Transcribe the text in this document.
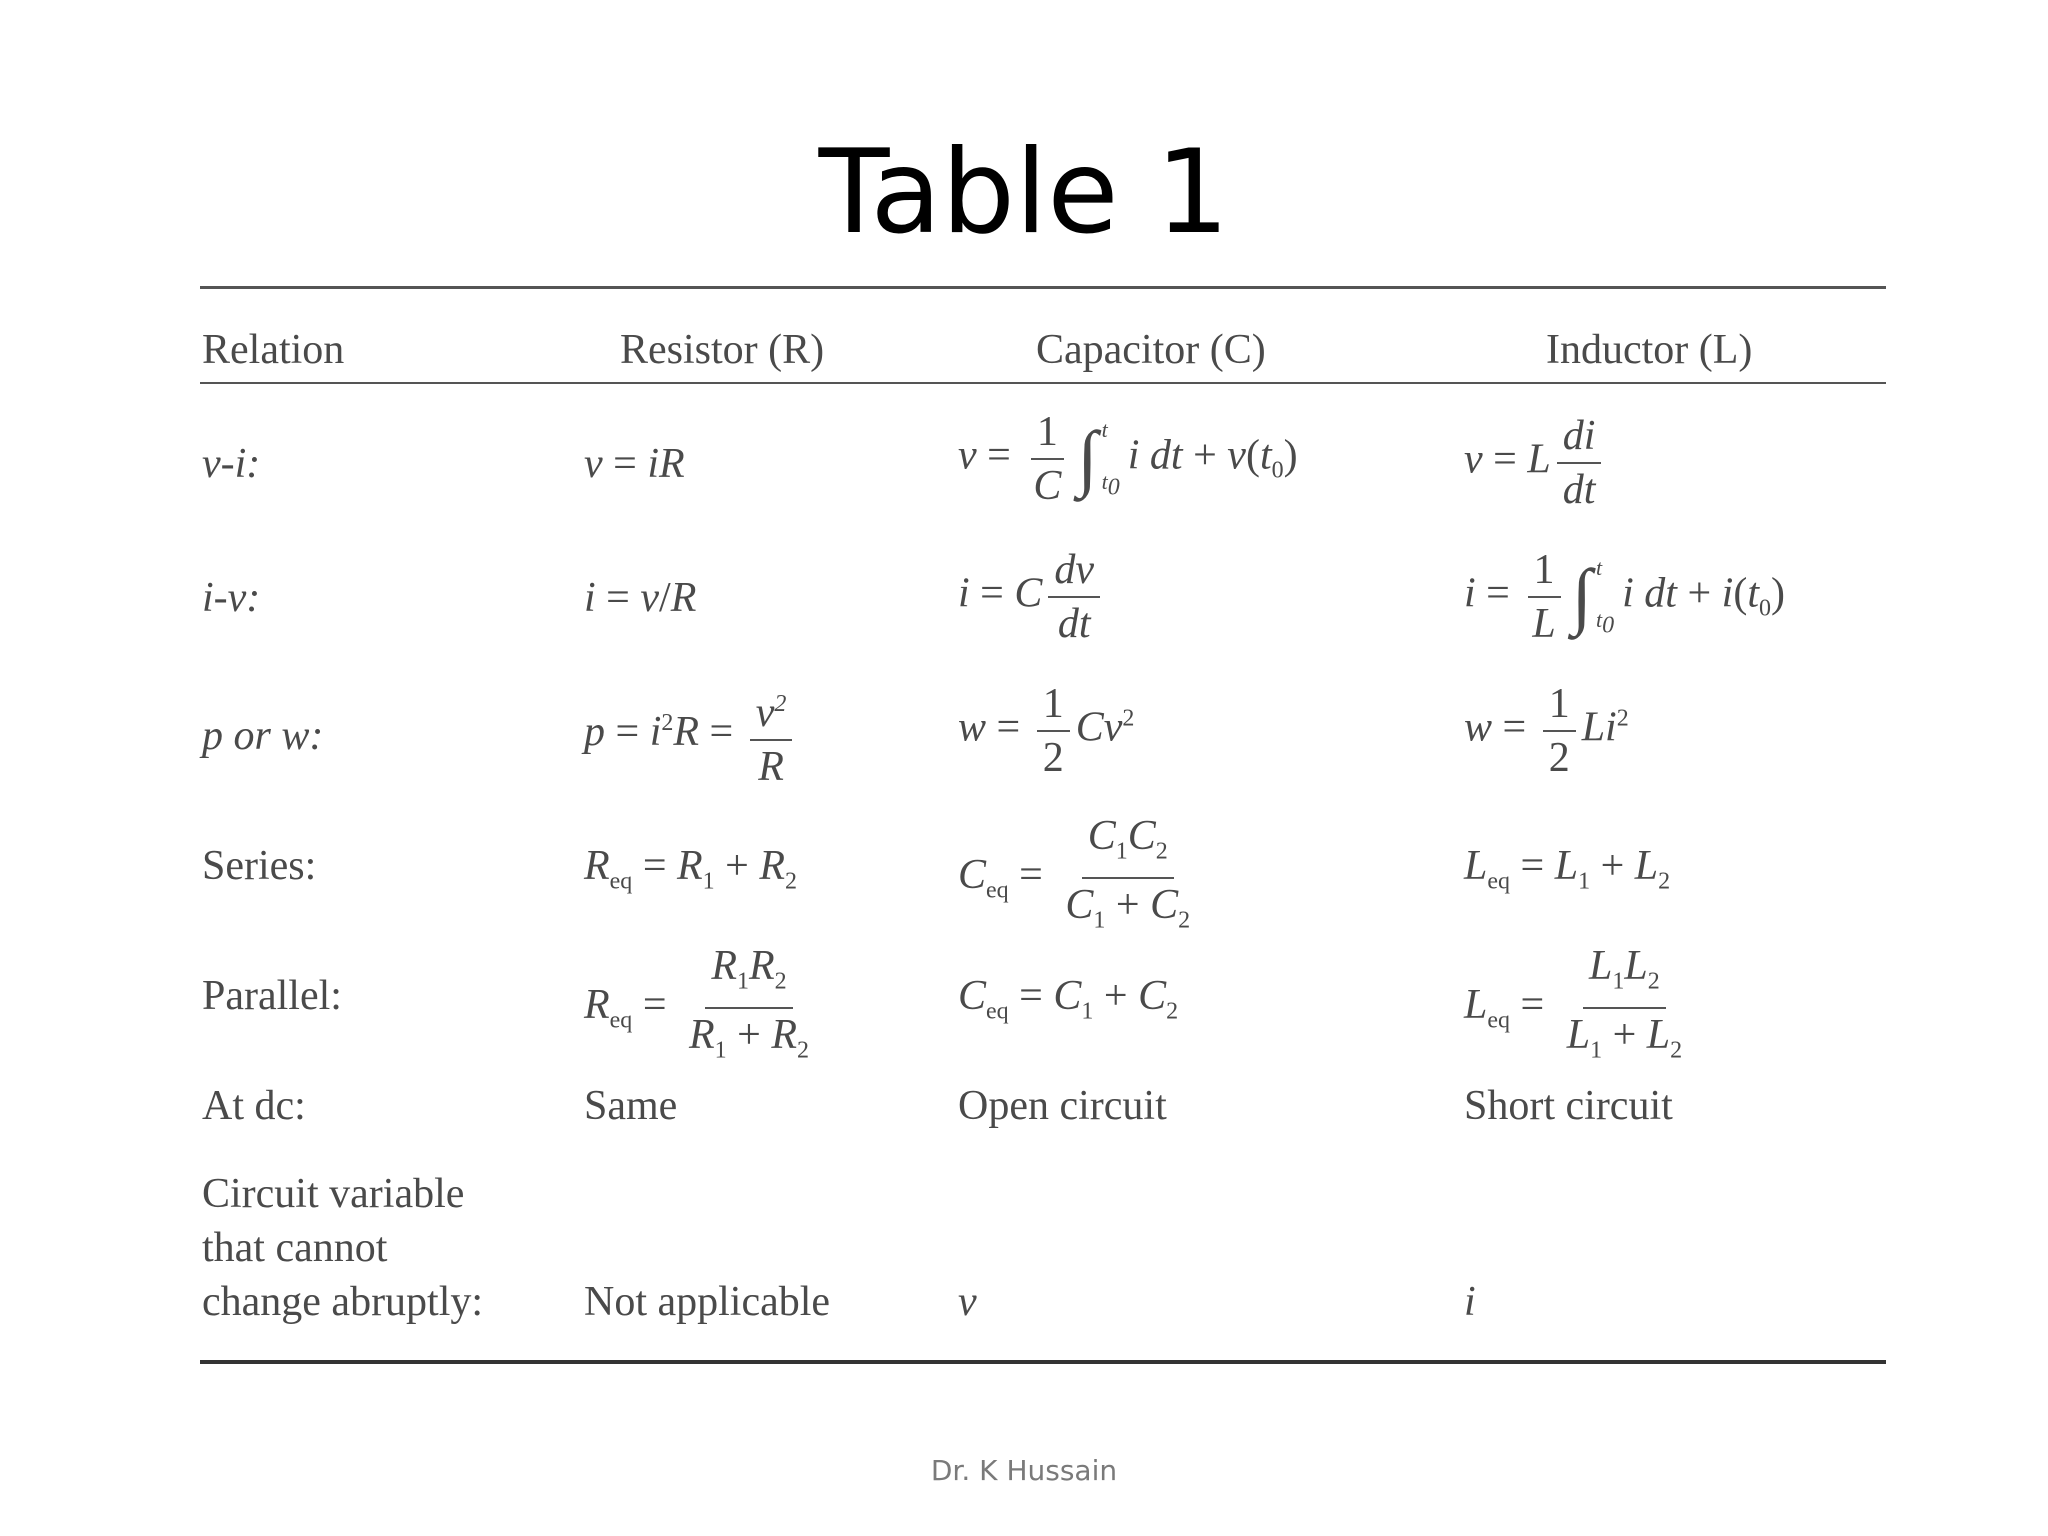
Table 1
Relation	Resistor (R)	Capacitor (C)	Inductor (L)
v-i:	v = iR	$v = \frac{1}{C}$ ∫ t
$t_0$
i dt + $v(t_0)$	v = L $\frac{di}{dt}$
i-v:	i = v/R	i = C $\frac{dv}{dt}$	$i = \frac{1}{L}$ ∫ t
$t_0$
i dt + $i(t_0)$
p or w:	$p = i^2R = \frac{v^2}{R}$	$w = \frac{1}{2} Cv^2$	$w = \frac{1}{2} Li^2$
Series:	$R_{eq} = R_1 + R_2$	$C_{eq} = \frac{C_1C_2}{C_1 + C_2}$	$L_{eq} = L_1 + L_2$
Parallel:	$R_{eq} = \frac{R_1R_2}{R_1 + R_2}$	$C_{eq} = C_1 + C_2$	$L_{eq} = \frac{L_1L_2}{L_1 + L_2}$
At dc:	Same	Open circuit	Short circuit
Circuit variable
that cannot
change abruptly: Not applicable	v	i
Dr. K Hussain
